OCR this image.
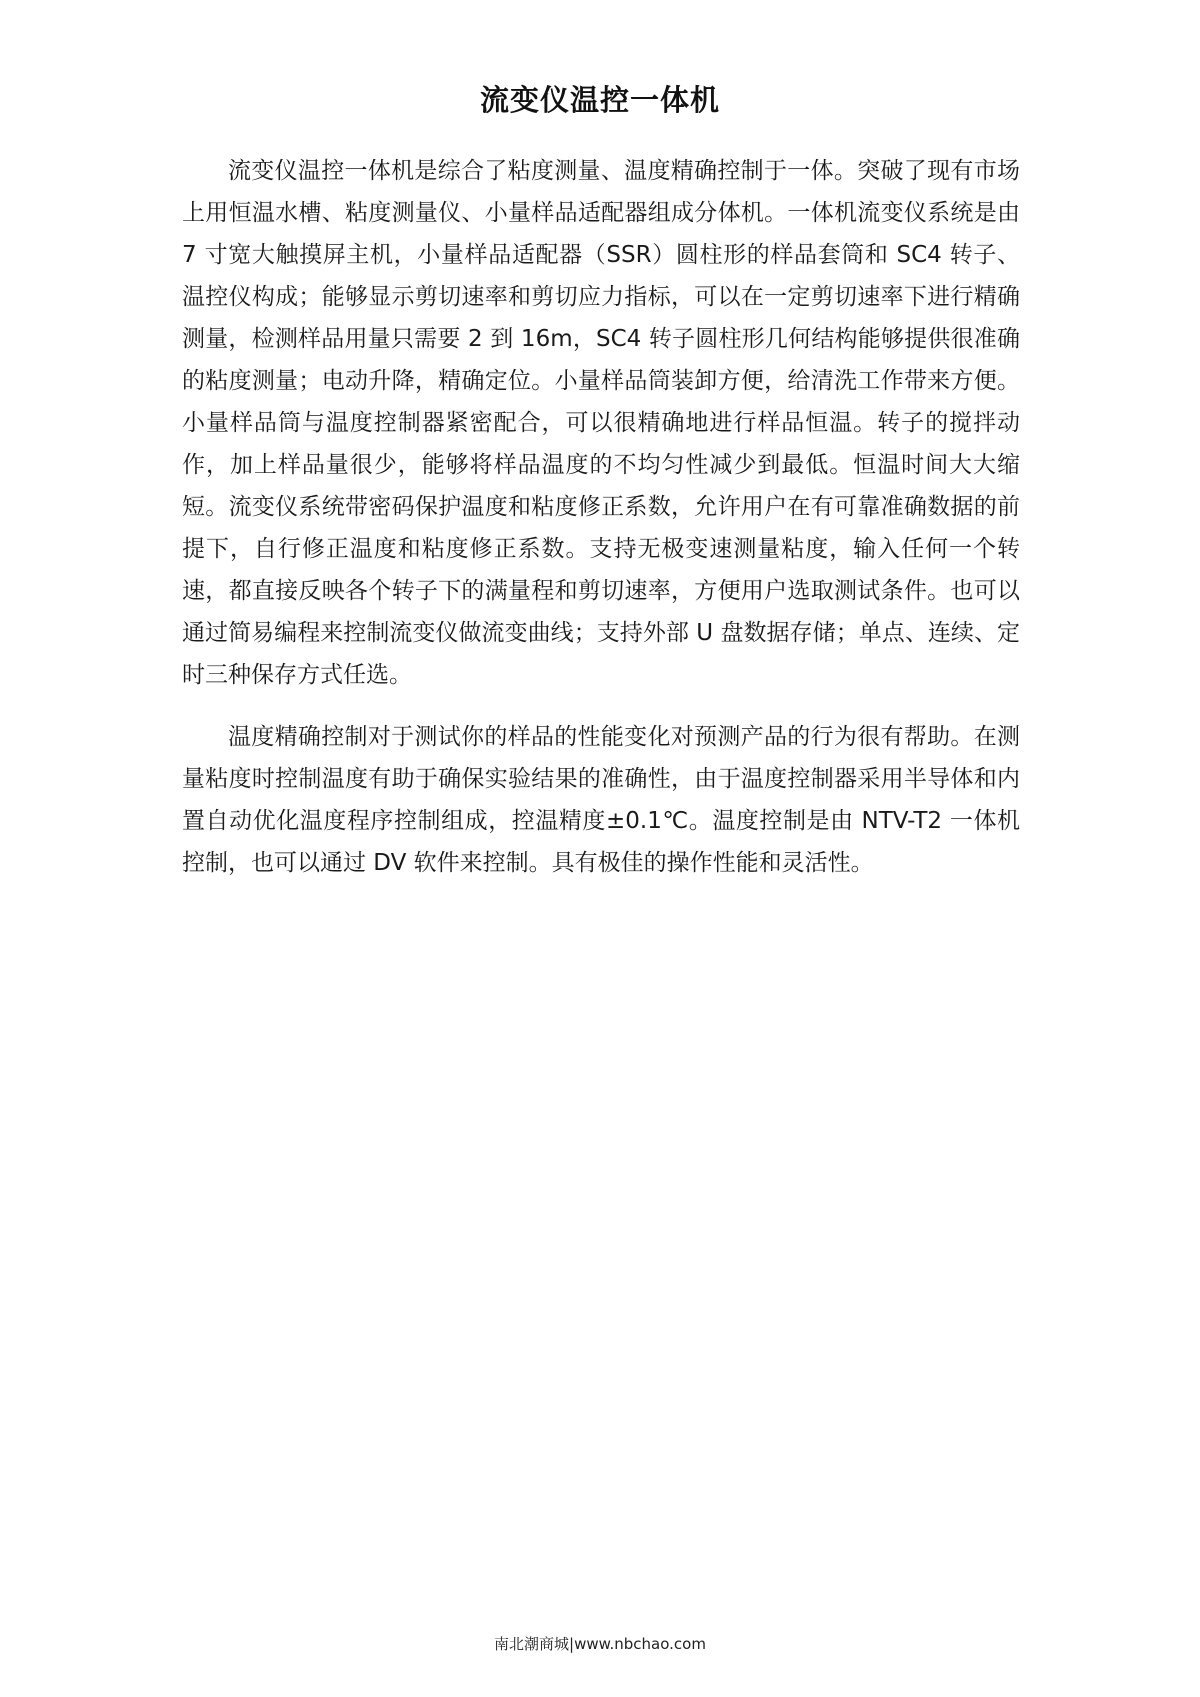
流变仪温控一体机

流变仪温控一体机是综合了粘度测量、温度精确控制于一体。突破了现有市场上用恒温水槽、粘度测量仪、小量样品适配器组成分体机。一体机流变仪系统是由 7 寸宽大触摸屏主机，小量样品适配器（SSR）圆柱形的样品套筒和 SC4 转子、温控仪构成；能够显示剪切速率和剪切应力指标，可以在一定剪切速率下进行精确测量，检测样品用量只需要 2 到 16m，SC4 转子圆柱形几何结构能够提供很准确的粘度测量；电动升降，精确定位。小量样品筒装卸方便，给清洗工作带来方便。小量样品筒与温度控制器紧密配合，可以很精确地进行样品恒温。转子的搅拌动作，加上样品量很少，能够将样品温度的不均匀性减少到最低。恒温时间大大缩短。流变仪系统带密码保护温度和粘度修正系数，允许用户在有可靠准确数据的前提下，自行修正温度和粘度修正系数。支持无极变速测量粘度，输入任何一个转速，都直接反映各个转子下的满量程和剪切速率，方便用户选取测试条件。也可以通过简易编程来控制流变仪做流变曲线；支持外部 U 盘数据存储；单点、连续、定时三种保存方式任选。

温度精确控制对于测试你的样品的性能变化对预测产品的行为很有帮助。在测量粘度时控制温度有助于确保实验结果的准确性，由于温度控制器采用半导体和内置自动优化温度程序控制组成，控温精度±0.1℃。温度控制是由 NTV-T2 一体机控制，也可以通过 DV 软件来控制。具有极佳的操作性能和灵活性。

南北潮商城|www.nbchao.com
